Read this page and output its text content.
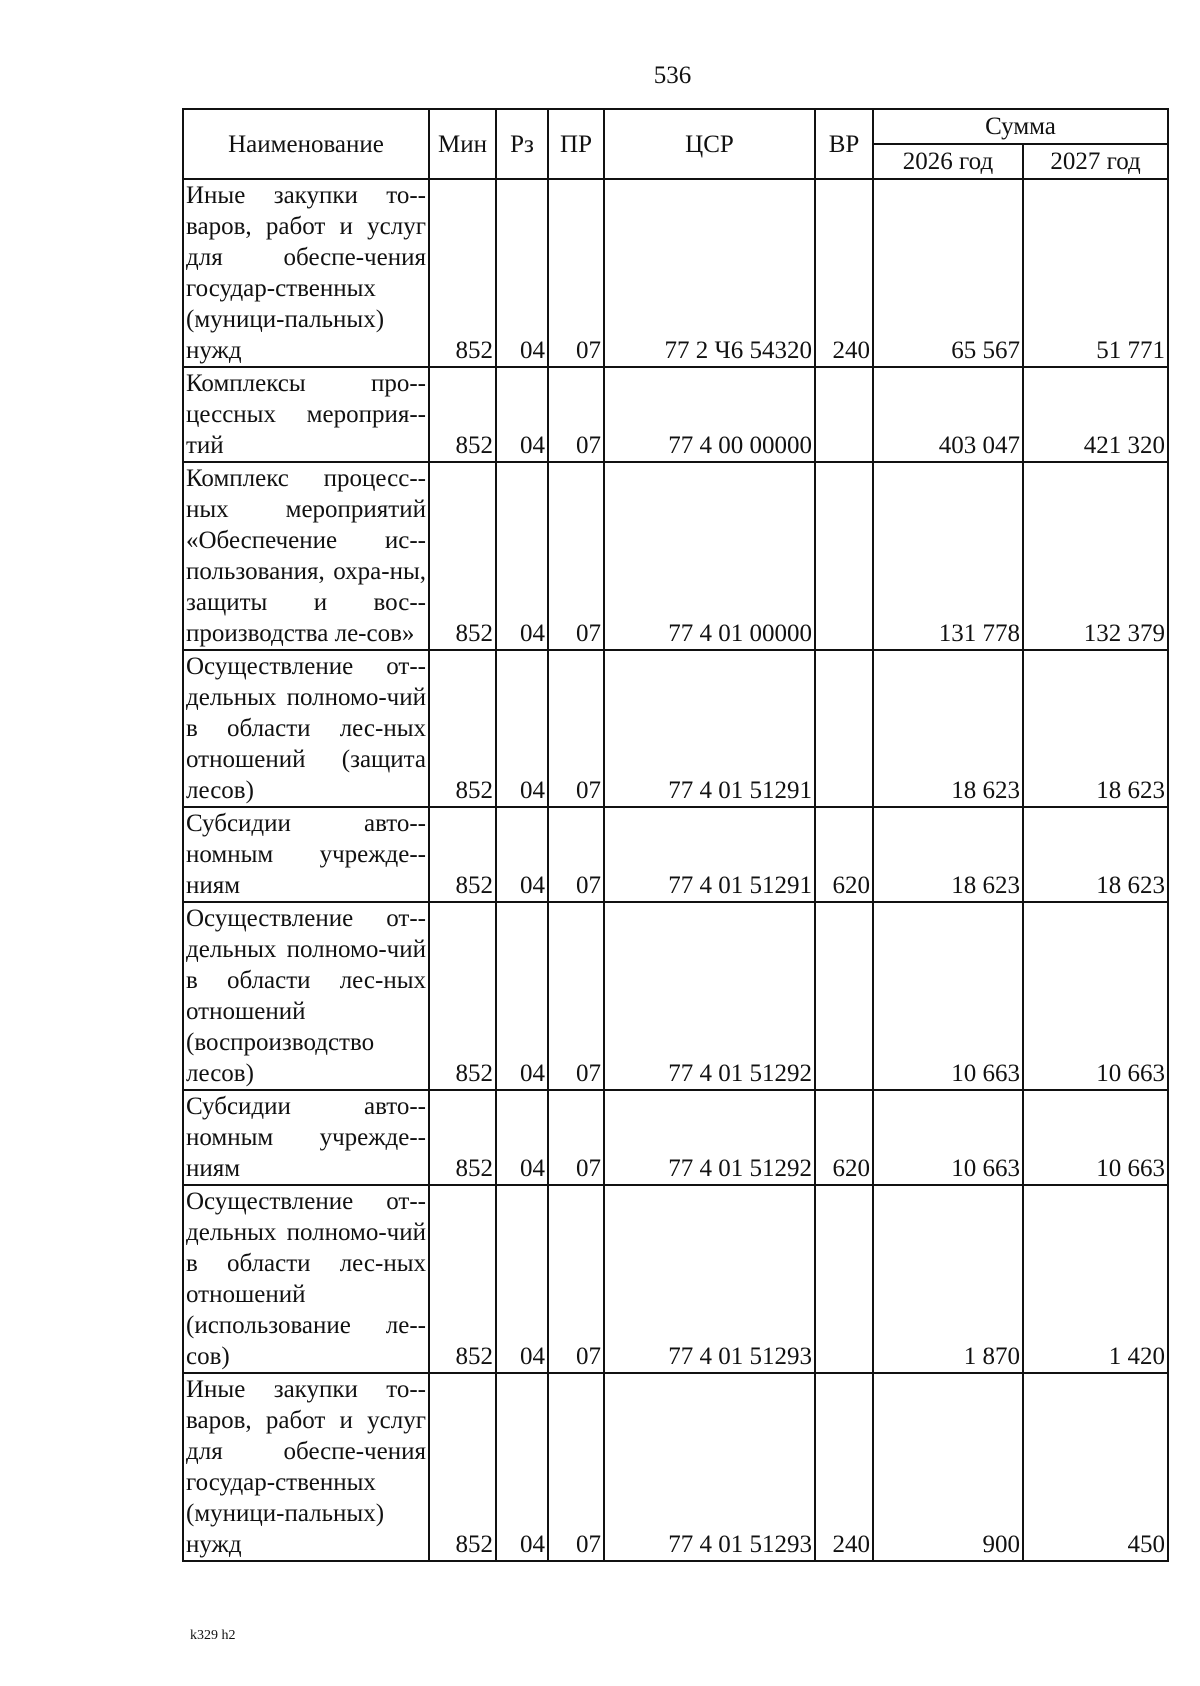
536
Наименование	Мин	Рз	ПР	ЦСР	ВР	Сумма	
						2026 год	2027 год
Иные закупки то-варов, работ и услуг для обеспе-чения государ-ственных (муници-пальных) нужд	852	04	07	77 2 Ч6 54320	240	65 567	51 771
Комплексы про-цессных мероприя-тий	852	04	07	77 4 00 00000		403 047	421 320
Комплекс процесс-ных мероприятий «Обеспечение ис-пользования, охра-ны, защиты и вос-производства ле-сов»	852	04	07	77 4 01 00000		131 778	132 379
Осуществление от-дельных полномо-чий в области лес-ных отношений (защита лесов)	852	04	07	77 4 01 51291		18 623	18 623
Субсидии авто-номным учрежде-ниям	852	04	07	77 4 01 51291	620	18 623	18 623
Осуществление от-дельных полномо-чий в области лес-ных отношений (воспроизводство лесов)	852	04	07	77 4 01 51292		10 663	10 663
Субсидии авто-номным учрежде-ниям	852	04	07	77 4 01 51292	620	10 663	10 663
Осуществление от-дельных полномо-чий в области лес-ных отношений (использование ле-сов)	852	04	07	77 4 01 51293		1 870	1 420
Иные закупки то-варов, работ и услуг для обеспе-чения государ-ственных (муници-пальных) нужд	852	04	07	77 4 01 51293	240	900	450
k329 h2
